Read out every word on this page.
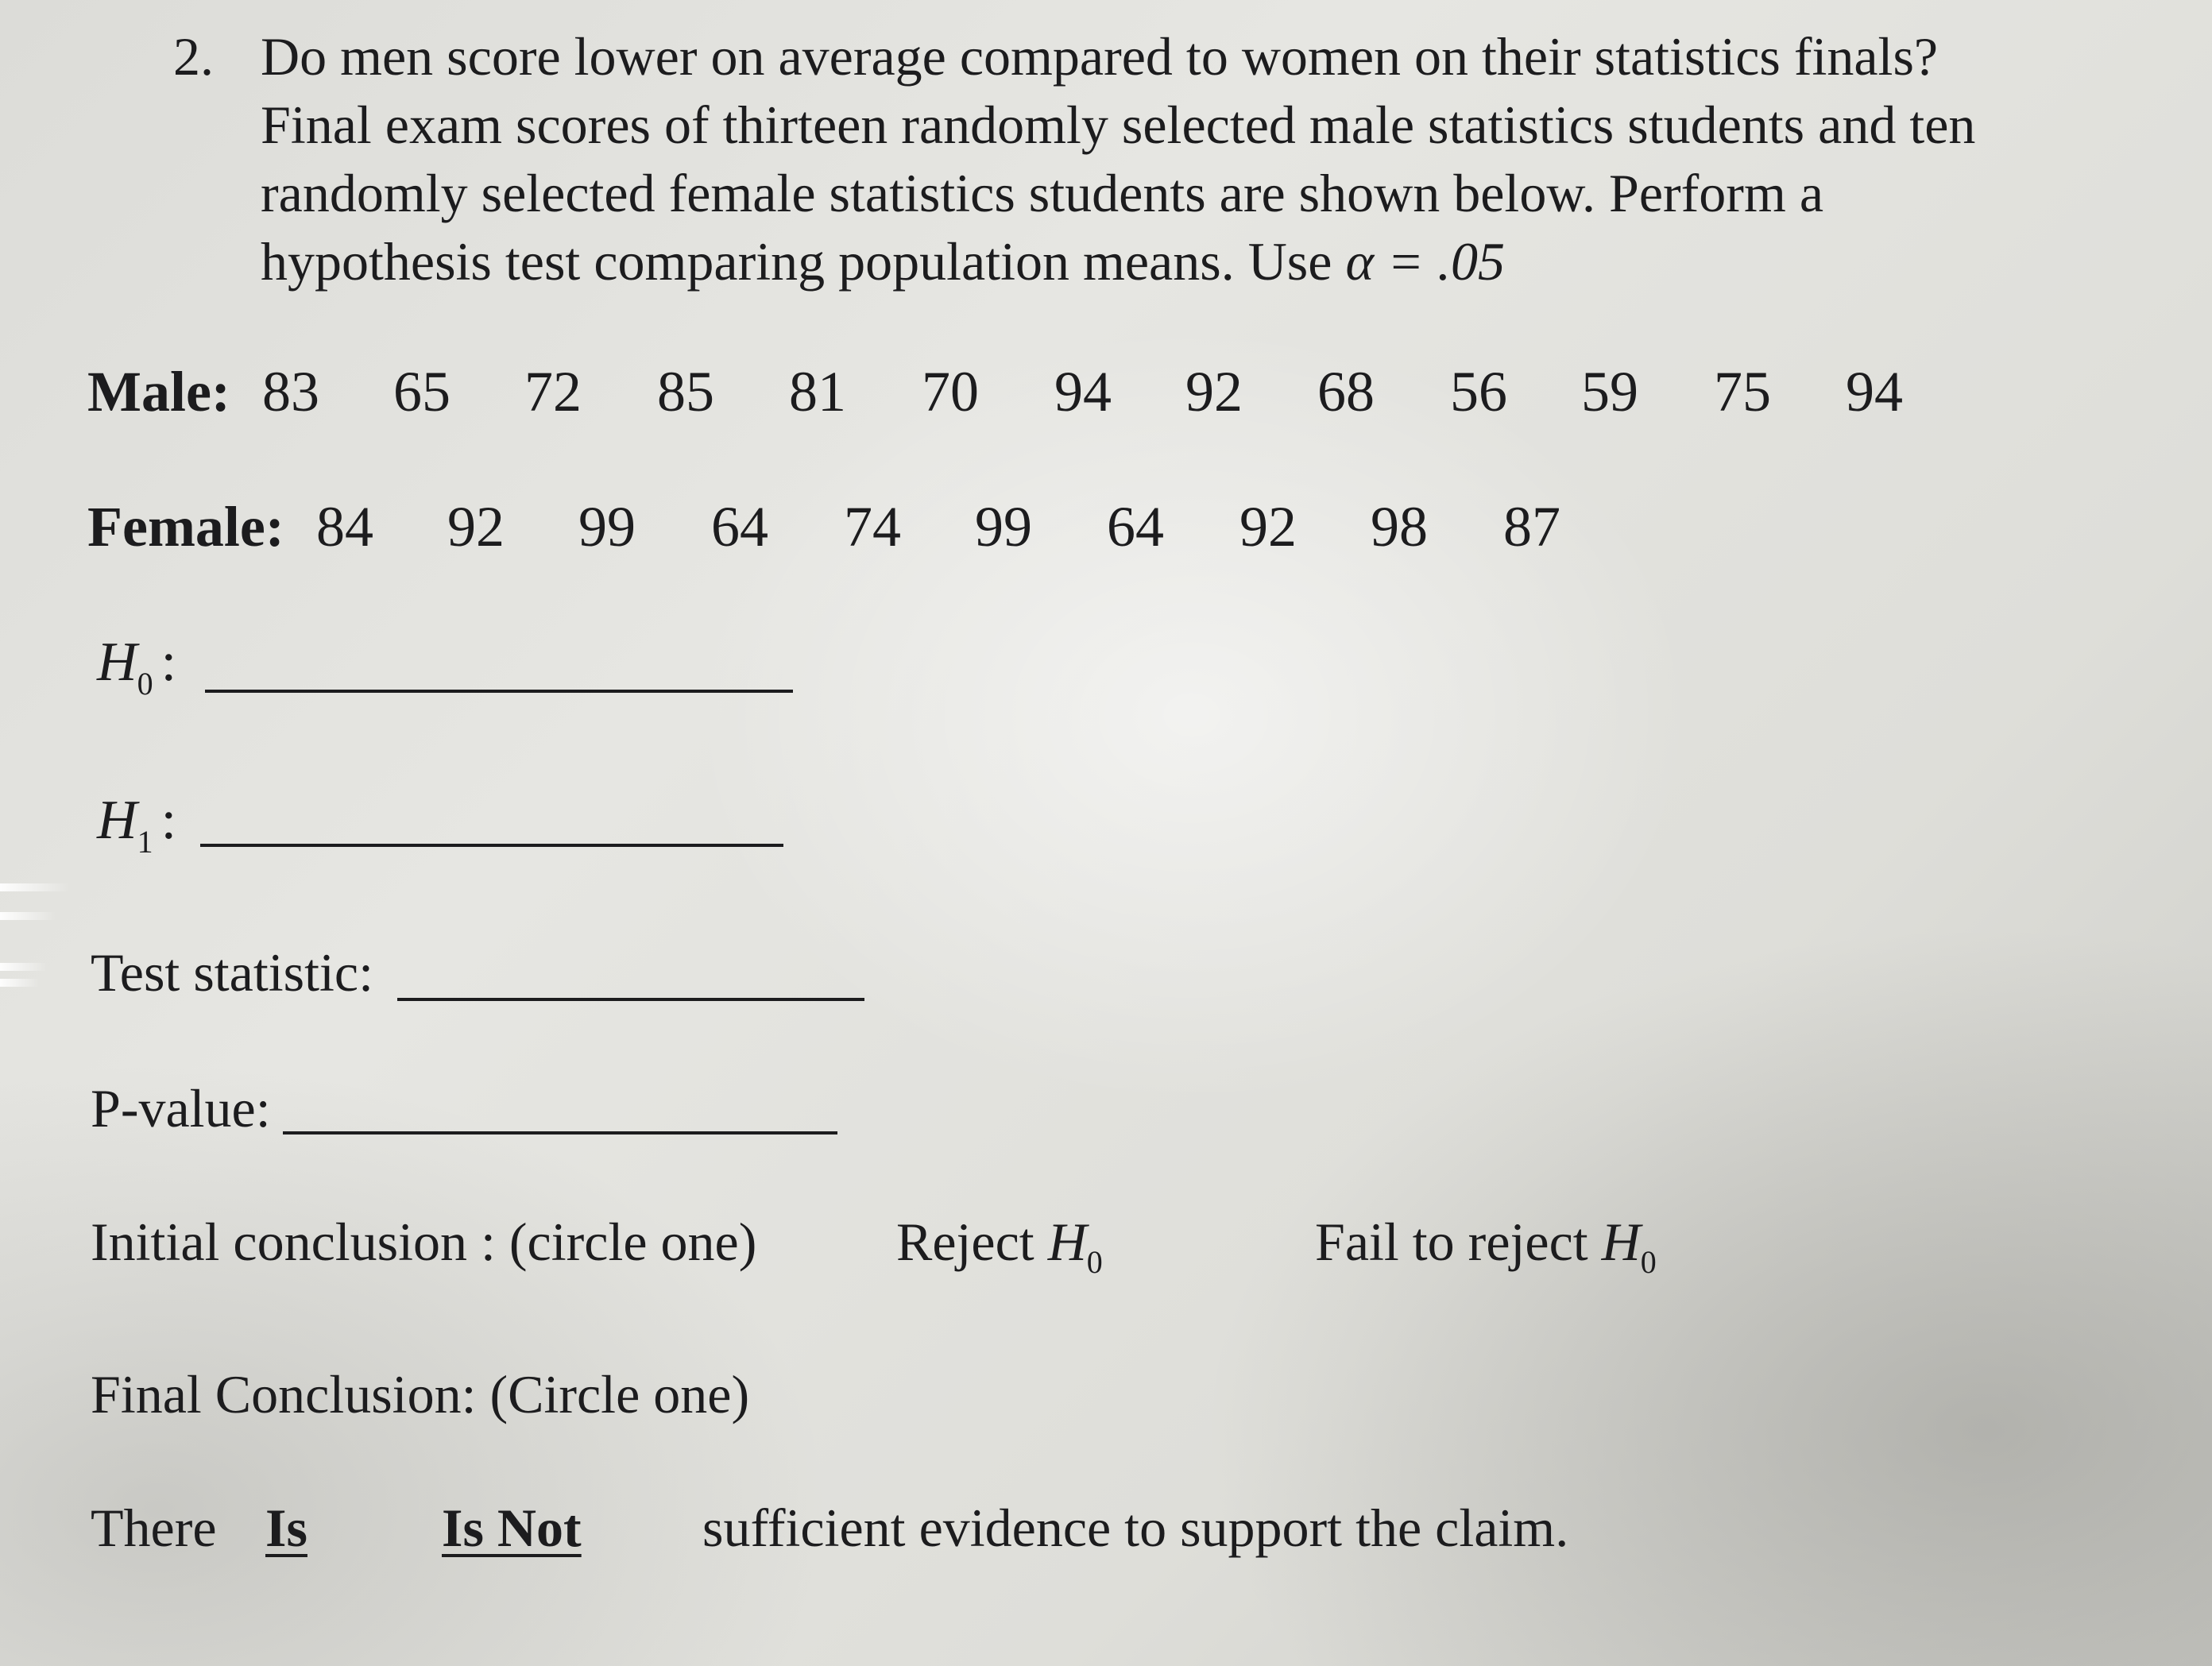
2. Do men score lower on average compared to women on their statistics finals?
Final exam scores of thirteen randomly selected male statistics students and ten
randomly selected female statistics students are shown below. Perform a
hypothesis test comparing population means. Use α = .05
Male: 83 65 72 85 81 70 94 92 68 56 59 75 94
Female: 84 92 99 64 74 99 64 92 98 87
$H_0$ :
$H_1$ :
Test statistic:
P-value:
Initial conclusion : (circle one)	Reject $H_0$	Fail to reject $H_0$
Final Conclusion: (Circle one)
There Is Is Not sufficient evidence to support the claim.
